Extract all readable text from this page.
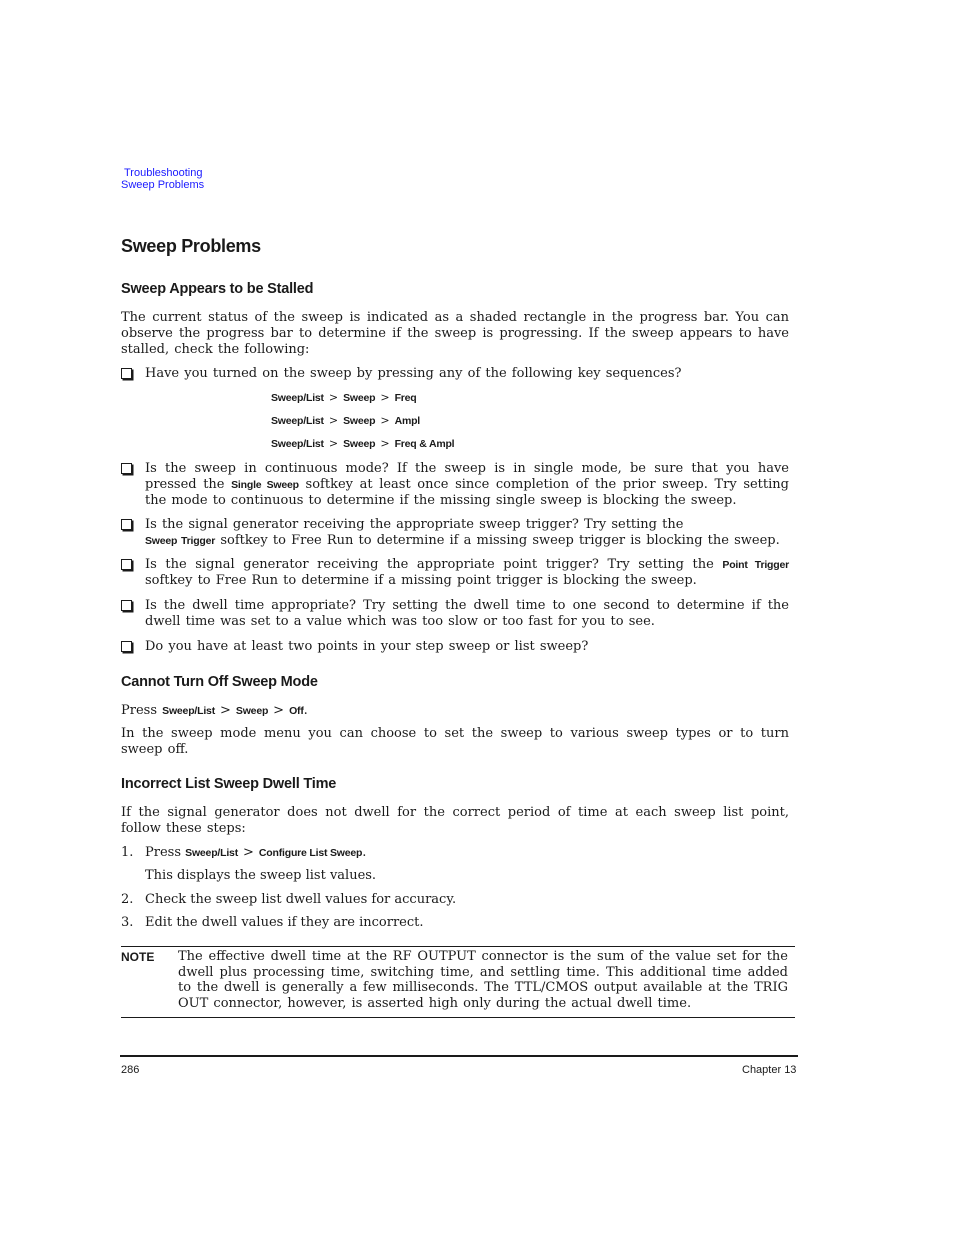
Troubleshooting
Sweep Problems
Sweep Problems
Sweep Appears to be Stalled
The current status of the sweep is indicated as a shaded rectangle in the progress bar. You can observe the progress bar to determine if the sweep is progressing. If the sweep appears to have stalled, check the following:
Have you turned on the sweep by pressing any of the following key sequences?
Sweep/List > Sweep > Freq
Sweep/List > Sweep > Ampl
Sweep/List > Sweep > Freq & Ampl
Is the sweep in continuous mode? If the sweep is in single mode, be sure that you have pressed the Single Sweep softkey at least once since completion of the prior sweep. Try setting the mode to continuous to determine if the missing single sweep is blocking the sweep.
Is the signal generator receiving the appropriate sweep trigger? Try setting the
Sweep Trigger softkey to Free Run to determine if a missing sweep trigger is blocking the sweep.
Is the signal generator receiving the appropriate point trigger? Try setting the Point Trigger softkey to Free Run to determine if a missing point trigger is blocking the sweep.
Is the dwell time appropriate? Try setting the dwell time to one second to determine if the dwell time was set to a value which was too slow or too fast for you to see.
Do you have at least two points in your step sweep or list sweep?
Cannot Turn Off Sweep Mode
Press Sweep/List > Sweep > Off.
In the sweep mode menu you can choose to set the sweep to various sweep types or to turn sweep off.
Incorrect List Sweep Dwell Time
If the signal generator does not dwell for the correct period of time at each sweep list point, follow these steps:
1. Press Sweep/List > Configure List Sweep.
This displays the sweep list values.
2. Check the sweep list dwell values for accuracy.
3. Edit the dwell values if they are incorrect.
NOTE The effective dwell time at the RF OUTPUT connector is the sum of the value set for the dwell plus processing time, switching time, and settling time. This additional time added to the dwell is generally a few milliseconds. The TTL/CMOS output available at the TRIG OUT connector, however, is asserted high only during the actual dwell time.
286	Chapter 13
